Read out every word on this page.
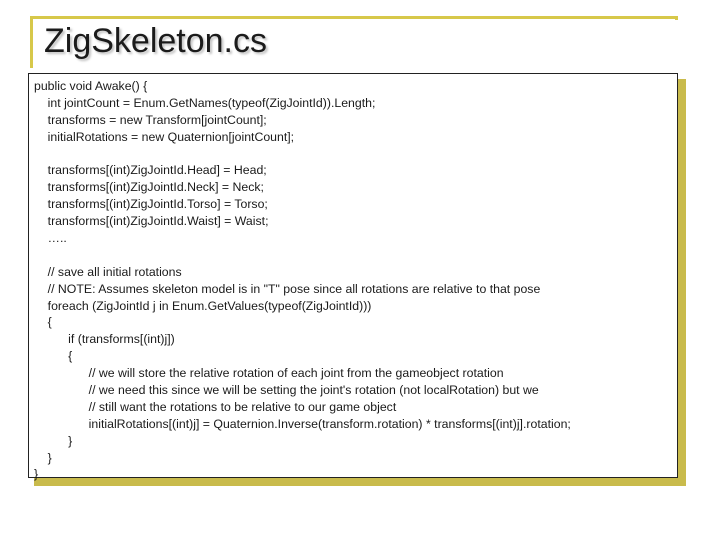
ZigSkeleton.cs
public void Awake() {
int jointCount = Enum.GetNames(typeof(ZigJointId)).Length;
transforms = new Transform[jointCount];
initialRotations = new Quaternion[jointCount];
transforms[(int)ZigJointId.Head] = Head;
transforms[(int)ZigJointId.Neck] = Neck;
transforms[(int)ZigJointId.Torso] = Torso;
transforms[(int)ZigJointId.Waist] = Waist;
…..
// save all initial rotations
// NOTE: Assumes skeleton model is in "T" pose since all rotations are relative to that pose
foreach (ZigJointId j in Enum.GetValues(typeof(ZigJointId)))
{
if (transforms[(int)j])
{
// we will store the relative rotation of each joint from the gameobject rotation
// we need this since we will be setting the joint's rotation (not localRotation) but we
// still want the rotations to be relative to our game object
initialRotations[(int)j] = Quaternion.Inverse(transform.rotation) * transforms[(int)j].rotation;
}
}
}
